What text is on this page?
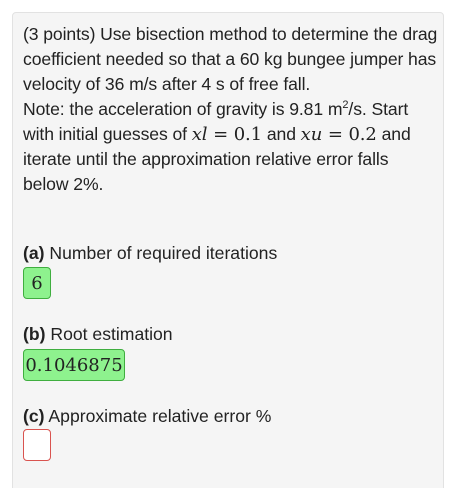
(3 points) Use bisection method to determine the drag
coefficient needed so that a 60 kg bungee jumper has
velocity of 36 m/s after 4 s of free fall.
Note: the acceleration of gravity is 9.81 $m^2/s$. Start
with initial guesses of xl = 0.1 and xu = 0.2 and
iterate until the approximation relative error falls
below 2%.
(a) Number of required iterations
6
(b) Root estimation
0.1046875
(c) Approximate relative error %
